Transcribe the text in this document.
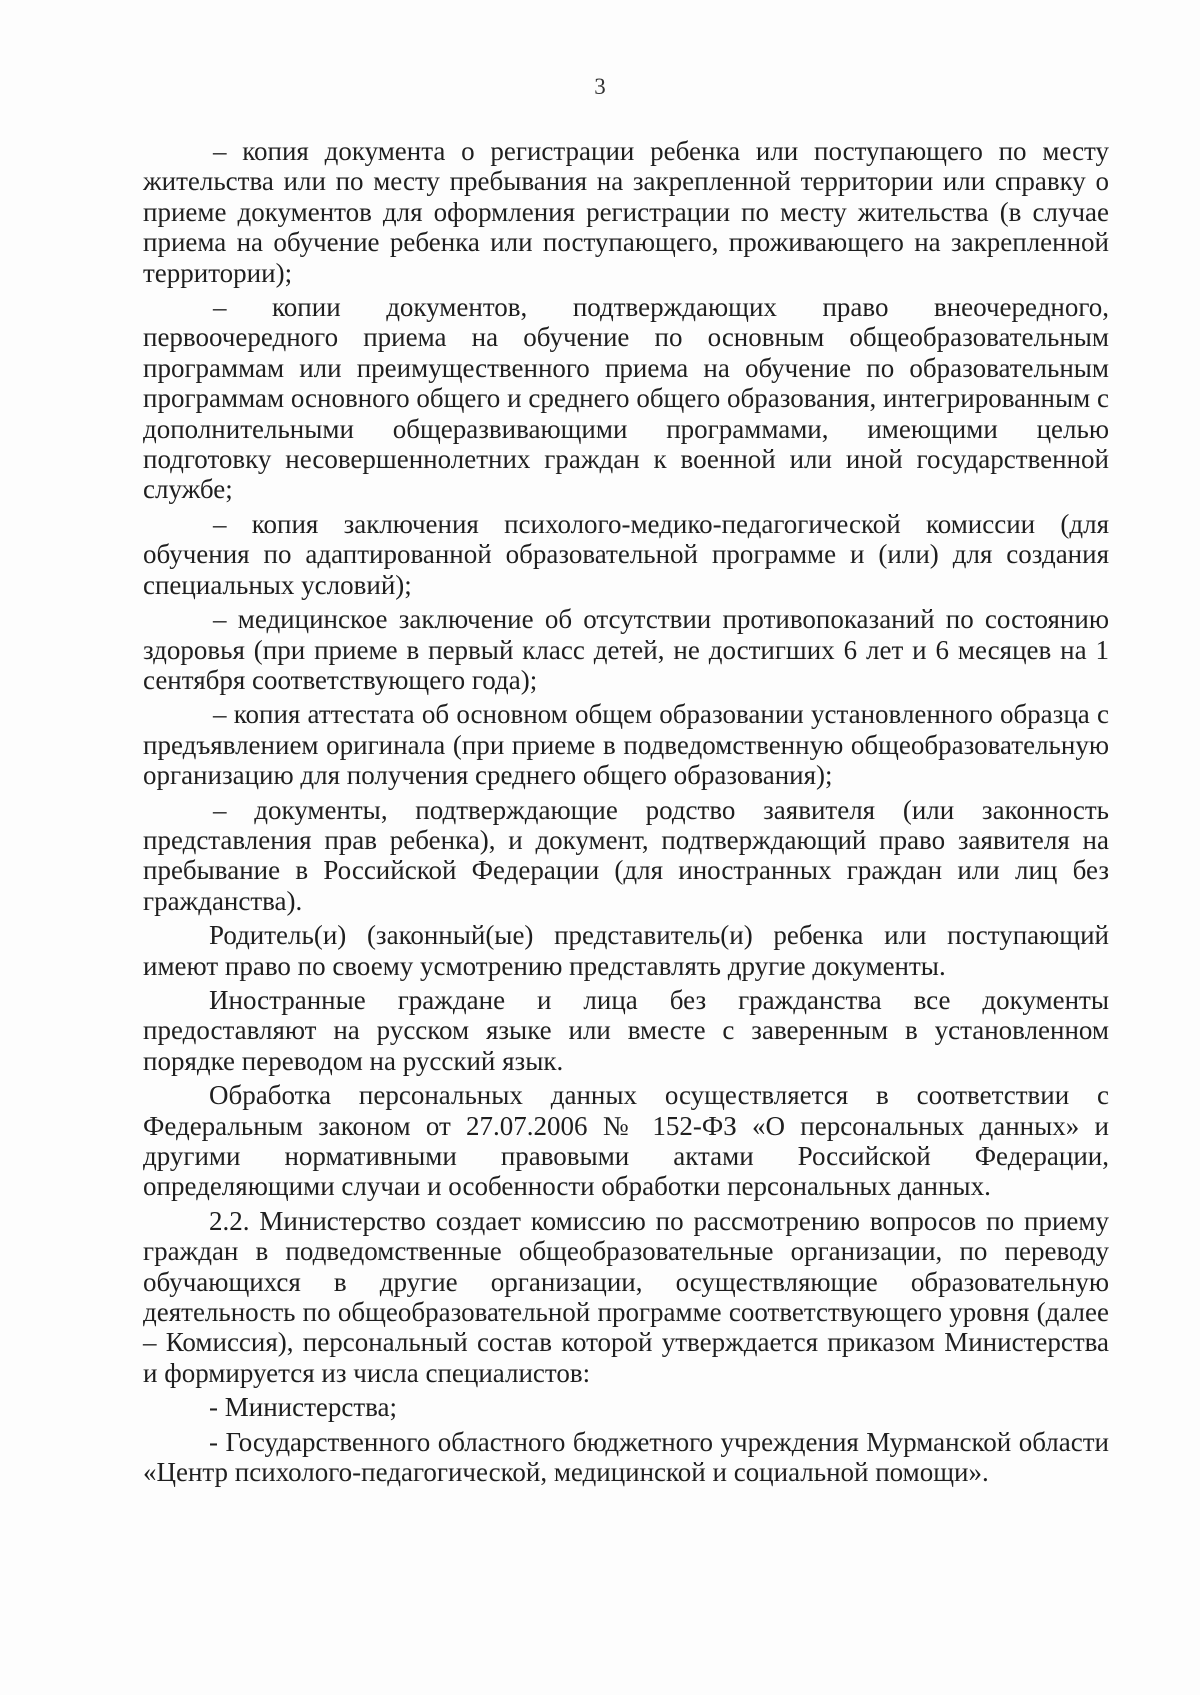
3

– копия документа о регистрации ребенка или поступающего по месту жительства или по месту пребывания на закрепленной территории или справку о приеме документов для оформления регистрации по месту жительства (в случае приема на обучение ребенка или поступающего, проживающего на закрепленной территории);

– копии документов, подтверждающих право внеочередного, первоочередного приема на обучение по основным общеобразовательным программам или преимущественного приема на обучение по образовательным программам основного общего и среднего общего образования, интегрированным с дополнительными общеразвивающими программами, имеющими целью подготовку несовершеннолетних граждан к военной или иной государственной службе;

– копия заключения психолого-медико-педагогической комиссии (для обучения по адаптированной образовательной программе и (или) для создания специальных условий);

– медицинское заключение об отсутствии противопоказаний по состоянию здоровья (при приеме в первый класс детей, не достигших 6 лет и 6 месяцев на 1 сентября соответствующего года);

– копия аттестата об основном общем образовании установленного образца с предъявлением оригинала (при приеме в подведомственную общеобразовательную организацию для получения среднего общего образования);

– документы, подтверждающие родство заявителя (или законность представления прав ребенка), и документ, подтверждающий право заявителя на пребывание в Российской Федерации (для иностранных граждан или лиц без гражданства).

Родитель(и) (законный(ые) представитель(и) ребенка или поступающий имеют право по своему усмотрению представлять другие документы.

Иностранные граждане и лица без гражданства все документы предоставляют на русском языке или вместе с заверенным в установленном порядке переводом на русский язык.

Обработка персональных данных осуществляется в соответствии с Федеральным законом от 27.07.2006 № 152-ФЗ «О персональных данных» и другими нормативными правовыми актами Российской Федерации, определяющими случаи и особенности обработки персональных данных.

2.2. Министерство создает комиссию по рассмотрению вопросов по приему граждан в подведомственные общеобразовательные организации, по переводу обучающихся в другие организации, осуществляющие образовательную деятельность по общеобразовательной программе соответствующего уровня (далее – Комиссия), персональный состав которой утверждается приказом Министерства и формируется из числа специалистов:

- Министерства;

- Государственного областного бюджетного учреждения Мурманской области «Центр психолого-педагогической, медицинской и социальной помощи».
